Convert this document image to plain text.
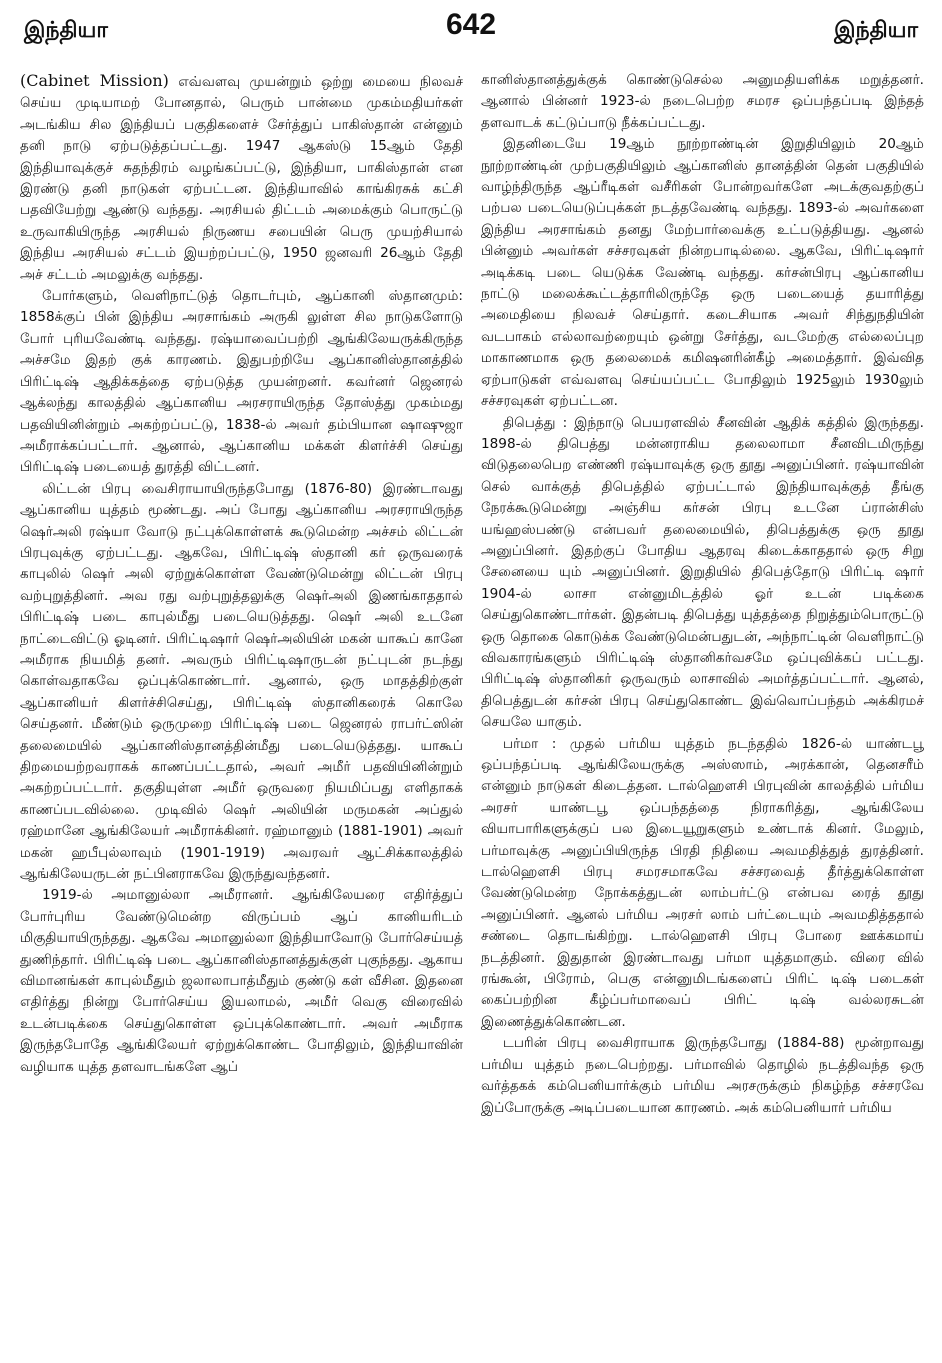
இந்தியா	642	இந்தியா

(Cabinet Mission) எவ்வளவு முயன்றும் ஒற்று மையை நிலவச் செய்ய முடியாமற் போனதால், பெரும் பான்மை முகம்மதியர்கள் அடங்கிய சில இந்தியப் பகுதிகளைச் சேர்த்துப் பாகிஸ்தான் என்னும் தனி நாடு ஏற்படுத்தப்பட்டது. 1947 ஆகஸ்டு 15ஆம் தேதி இந்தியாவுக்குச் சுதந்திரம் வழங்கப்பட்டு, இந்தியா, பாகிஸ்தான் என இரண்டு தனி நாடுகள் ஏற்பட்டன. இந்தியாவில் காங்கிரசுக் கட்சி பதவியேற்று ஆண்டு வந்தது. அரசியல் திட்டம் அமைக்கும் பொருட்டு உருவாகியிருந்த அரசியல் நிருணய சபையின் பெரு முயற்சியால் இந்திய அரசியல் சட்டம் இயற்றப்பட்டு, 1950 ஜனவரி 26ஆம் தேதி அச் சட்டம் அமலுக்கு வந்தது.

போர்களும், வெளிநாட்டுத் தொடர்பும், ஆப்கானி ஸ்தானமும்: 1858க்குப் பின் இந்திய அரசாங்கம் அருகி லுள்ள சில நாடுகளோடு போர் புரியவேண்டி வந்தது. ரஷ்யாவைப்பற்றி ஆங்கிலேயருக்கிருந்த அச்சமே இதற் குக் காரணம். இதுபற்றியே ஆப்கானிஸ்தானத்தில் பிரிட்டிஷ் ஆதிக்கத்தை ஏற்படுத்த முயன்றனர். கவர்னர் ஜெனரல் ஆக்லந்து காலத்தில் ஆப்கானிய அரசராயிருந்த தோஸ்த்து முகம்மது பதவியினின்றும் அகற்றப்பட்டு, 1838-ல் அவர் தம்பியான ஷாஷுஜா அமீராக்கப்பட்டார். ஆனால், ஆப்கானிய மக்கள் கிளர்ச்சி செய்து பிரிட்டிஷ் படையைத் துரத்தி விட்டனர்.

லிட்டன் பிரபு வைசிராயாயிருந்தபோது (1876-80) இரண்டாவது ஆப்கானிய யுத்தம் மூண்டது. அப் போது ஆப்கானிய அரசராயிருந்த ஷெர்அலி ரஷ்யா வோடு நட்புக்கொள்ளக் கூடுமென்ற அச்சம் லிட்டன் பிரபுவுக்கு ஏற்பட்டது. ஆகவே, பிரிட்டிஷ் ஸ்தானி கர் ஒருவரைக் காபுலில் ஷெர் அலி ஏற்றுக்கொள்ள வேண்டுமென்று லிட்டன் பிரபு வற்புறுத்தினர். அவ ரது வற்புறுத்தலுக்கு ஷெர்அலி இணங்காததால் பிரிட்டிஷ் படை காபுல்மீது படையெடுத்தது. ஷெர் அலி உடனே நாட்டைவிட்டு ஓடினர். பிரிட்டிஷார் ஷெர்அலியின் மகன் யாகூப் கானே அமீராக நியமித் தனர். அவரும் பிரிட்டிஷாருடன் நட்புடன் நடந்து கொள்வதாகவே ஒப்புக்கொண்டார். ஆனால், ஒரு மாதத்திற்குள் ஆப்கானியர் கிளர்ச்சிசெய்து, பிரிட்டிஷ் ஸ்தானிகரைக் கொலே செய்தனர். மீண்டும் ஒருமுறை பிரிட்டிஷ் படை ஜெனரல் ராபர்ட்ஸின் தலைமையில் ஆப்கானிஸ்தானத்தின்மீது படையெடுத்தது. யாகூப் திறமையற்றவராகக் காணப்பட்டதால், அவர் அமீர் பதவியினின்றும் அகற்றப்பட்டார். தகுதியுள்ள அமீர் ஒருவரை நியமிப்பது எளிதாகக் காணப்படவில்லை. முடிவில் ஷெர் அலியின் மருமகன் அப்துல் ரஹ்மானே ஆங்கிலேயர் அமீராக்கினர். ரஹ்மானும் (1881-1901) அவர் மகன் ஹபீபுல்லாவும் (1901-1919) அவரவர் ஆட்சிக்காலத்தில் ஆங்கிலேயருடன் நட்பினராகவே இருந்துவந்தனர்.

1919-ல் அமானுல்லா அமீரானர். ஆங்கிலேயரை எதிர்த்துப் போர்புரிய வேண்டுமென்ற விருப்பம் ஆப் கானியரிடம் மிகுதியாயிருந்தது. ஆகவே அமானுல்லா இந்தியாவோடு போர்செய்யத் துணிந்தார். பிரிட்டிஷ் படை ஆப்கானிஸ்தானத்துக்குள் புகுந்தது. ஆகாய விமானங்கள் காபுல்மீதும் ஜலாலாபாத்மீதும் குண்டு கள் வீசின. இதனை எதிர்த்து நின்று போர்செய்ய இயலாமல், அமீர் வெகு விரைவில் உடன்படிக்கை செய்துகொள்ள ஒப்புக்கொண்டார். அவர் அமீராக இருந்தபோதே ஆங்கிலேயர் ஏற்றுக்கொண்ட போதிலும், இந்தியாவின் வழியாக யுத்த தளவாடங்களே ஆப்

கானிஸ்தானத்துக்குக் கொண்டுசெல்ல அனுமதியளிக்க மறுத்தனர். ஆனால் பின்னர் 1923-ல் நடைபெற்ற சமரச ஒப்பந்தப்படி இந்தத் தளவாடக் கட்டுப்பாடு நீக்கப்பட்டது.

இதனிடையே 19ஆம் நூற்றாண்டின் இறுதியிலும் 20ஆம் நூற்றாண்டின் முற்பகுதியிலும் ஆப்கானிஸ் தானத்தின் தென் பகுதியில் வாழ்ந்திருந்த ஆப்ரீடிகள் வசீரிகள் போன்றவர்களே அடக்குவதற்குப் பற்பல படையெடுப்புக்கள் நடத்தவேண்டி வந்தது. 1893-ல் அவர்களை இந்திய அரசாங்கம் தனது மேற்பார்வைக்கு உட்படுத்தியது. ஆனல் பின்னும் அவர்கள் சச்சரவுகள் நின்றபாடில்லை. ஆகவே, பிரிட்டிஷார் அடிக்கடி படை யெடுக்க வேண்டி வந்தது. கர்சன்பிரபு ஆப்கானிய நாட்டு மலைக்கூட்டத்தாரிலிருந்தே ஒரு படையைத் தயாரித்து அமைதியை நிலவச் செய்தார். கடைசியாக அவர் சிந்துநதியின் வடபாகம் எல்லாவற்றையும் ஒன்று சேர்த்து, வடமேற்கு எல்லைப்புற மாகாணமாக ஒரு தலைமைக் கமிஷனரின்கீழ் அமைத்தார். இவ்வித ஏற்பாடுகள் எவ்வளவு செய்யப்பட்ட போதிலும் 1925லும் 1930லும் சச்சரவுகள் ஏற்பட்டன.

திபெத்து : இந்நாடு பெயரளவில் சீனவின் ஆதிக் கத்தில் இருந்தது. 1898-ல் திபெத்து மன்னராகிய தலைலாமா சீனவிடமிருந்து விடுதலைபெற எண்ணி ரஷ்யாவுக்கு ஒரு தூது அனுப்பினர். ரஷ்யாவின் செல் வாக்குத் திபெத்தில் ஏற்பட்டால் இந்தியாவுக்குத் தீங்கு நேரக்கூடுமென்று அஞ்சிய கர்சன் பிரபு உடனே ப்ரான்சிஸ் யங்ஹஸ்பண்டு என்பவர் தலைமையில், திபெத்துக்கு ஒரு தூது அனுப்பினர். இதற்குப் போதிய ஆதரவு கிடைக்காததால் ஒரு சிறு சேனையை யும் அனுப்பினர். இறுதியில் திபெத்தோடு பிரிட்டி ஷார் 1904-ல் லாசா என்னுமிடத்தில் ஓர் உடன் படிக்கை செய்துகொண்டார்கள். இதன்படி திபெத்து யுத்தத்தை நிறுத்தும்பொருட்டு ஒரு தொகை கொடுக்க வேண்டுமென்பதுடன், அந்நாட்டின் வெளிநாட்டு விவகாரங்களும் பிரிட்டிஷ் ஸ்தானிகர்வசமே ஒப்புவிக்கப் பட்டது. பிரிட்டிஷ் ஸ்தானிகர் ஒருவரும் லாசாவில் அமர்த்தப்பட்டார். ஆனல், திபெத்துடன் கர்சன் பிரபு செய்துகொண்ட இவ்வொப்பந்தம் அக்கிரமச் செயலே யாகும்.

பர்மா : முதல் பர்மிய யுத்தம் நடந்ததில் 1826-ல் யாண்டபூ ஒப்பந்தப்படி ஆங்கிலேயருக்கு அஸ்ஸாம், அரக்கான், தெனசரீம் என்னும் நாடுகள் கிடைத்தன. டால்ஹௌசி பிரபுவின் காலத்தில் பர்மிய அரசர் யாண்டபூ ஒப்பந்தத்தை நிராகரித்து, ஆங்கிலேய வியாபாரிகளுக்குப் பல இடையூறுகளும் உண்டாக் கினர். மேலும், பர்மாவுக்கு அனுப்பியிருந்த பிரதி நிதியை அவமதித்துத் துரத்தினர். டால்ஹௌசி பிரபு சமரசமாகவே சச்சரவைத் தீர்த்துக்கொள்ள வேண்டுமென்ற நோக்கத்துடன் லாம்பர்ட்டு என்பவ ரைத் தூது அனுப்பினர். ஆனல் பர்மிய அரசர் லாம் பர்ட்டையும் அவமதித்ததால் சண்டை தொடங்கிற்று. டால்ஹௌசி பிரபு போரை ஊக்கமாய் நடத்தினர். இதுதான் இரண்டாவது பர்மா யுத்தமாகும். விரை வில் ரங்கூன், பிரோம், பெகு என்னுமிடங்களைப் பிரிட் டிஷ் படைகள் கைப்பற்றின கீழ்ப்பர்மாவைப் பிரிட் டிஷ் வல்லரசுடன் இணைத்துக்கொண்டன.

டபரின் பிரபு வைசிராயாக இருந்தபோது (1884-88) மூன்றாவது பர்மிய யுத்தம் நடைபெற்றது. பர்மாவில் தொழில் நடத்திவந்த ஒரு வர்த்தகக் கம்பெனியார்க்கும் பர்மிய அரசருக்கும் நிகழ்ந்த சச்சரவே இப்போருக்கு அடிப்படையான காரணம். அக் கம்பெனியார் பர்மிய
